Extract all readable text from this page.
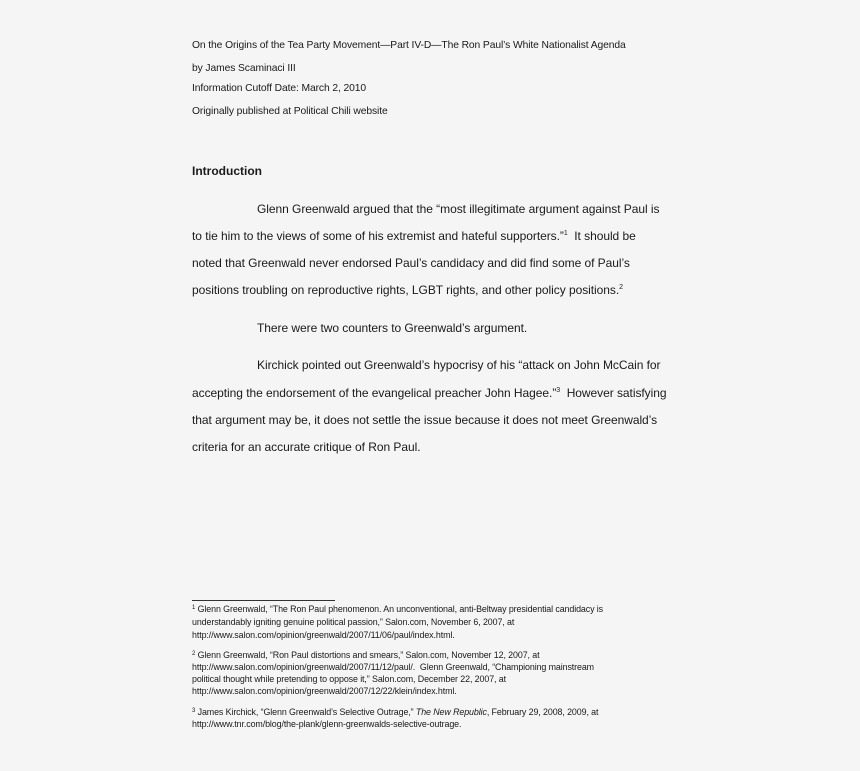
On the Origins of the Tea Party Movement—Part IV-D—The Ron Paul’s White Nationalist Agenda
by James Scaminaci III
Information Cutoff Date: March 2, 2010
Originally published at Political Chili website
Introduction
Glenn Greenwald argued that the “most illegitimate argument against Paul is
to tie him to the views of some of his extremist and hateful supporters.”$^1$  It should be
noted that Greenwald never endorsed Paul’s candidacy and did find some of Paul’s
positions troubling on reproductive rights, LGBT rights, and other policy positions.$^2$
There were two counters to Greenwald’s argument.
Kirchick pointed out Greenwald’s hypocrisy of his “attack on John McCain for
accepting the endorsement of the evangelical preacher John Hagee.”$^3$  However satisfying
that argument may be, it does not settle the issue because it does not meet Greenwald’s
criteria for an accurate critique of Ron Paul.
$^1$ Glenn Greenwald, “The Ron Paul phenomenon. An unconventional, anti-Beltway presidential candidacy is
understandably igniting genuine political passion,” Salon.com, November 6, 2007, at
http://www.salon.com/opinion/greenwald/2007/11/06/paul/index.html.
$^2$ Glenn Greenwald, “Ron Paul distortions and smears,” Salon.com, November 12, 2007, at
http://www.salon.com/opinion/greenwald/2007/11/12/paul/.  Glenn Greenwald, “Championing mainstream
political thought while pretending to oppose it,” Salon.com, December 22, 2007, at
http://www.salon.com/opinion/greenwald/2007/12/22/klein/index.html.
$^3$ James Kirchick, “Glenn Greenwald’s Selective Outrage,” The New Republic, February 29, 2008, 2009, at
http://www.tnr.com/blog/the-plank/glenn-greenwalds-selective-outrage.
